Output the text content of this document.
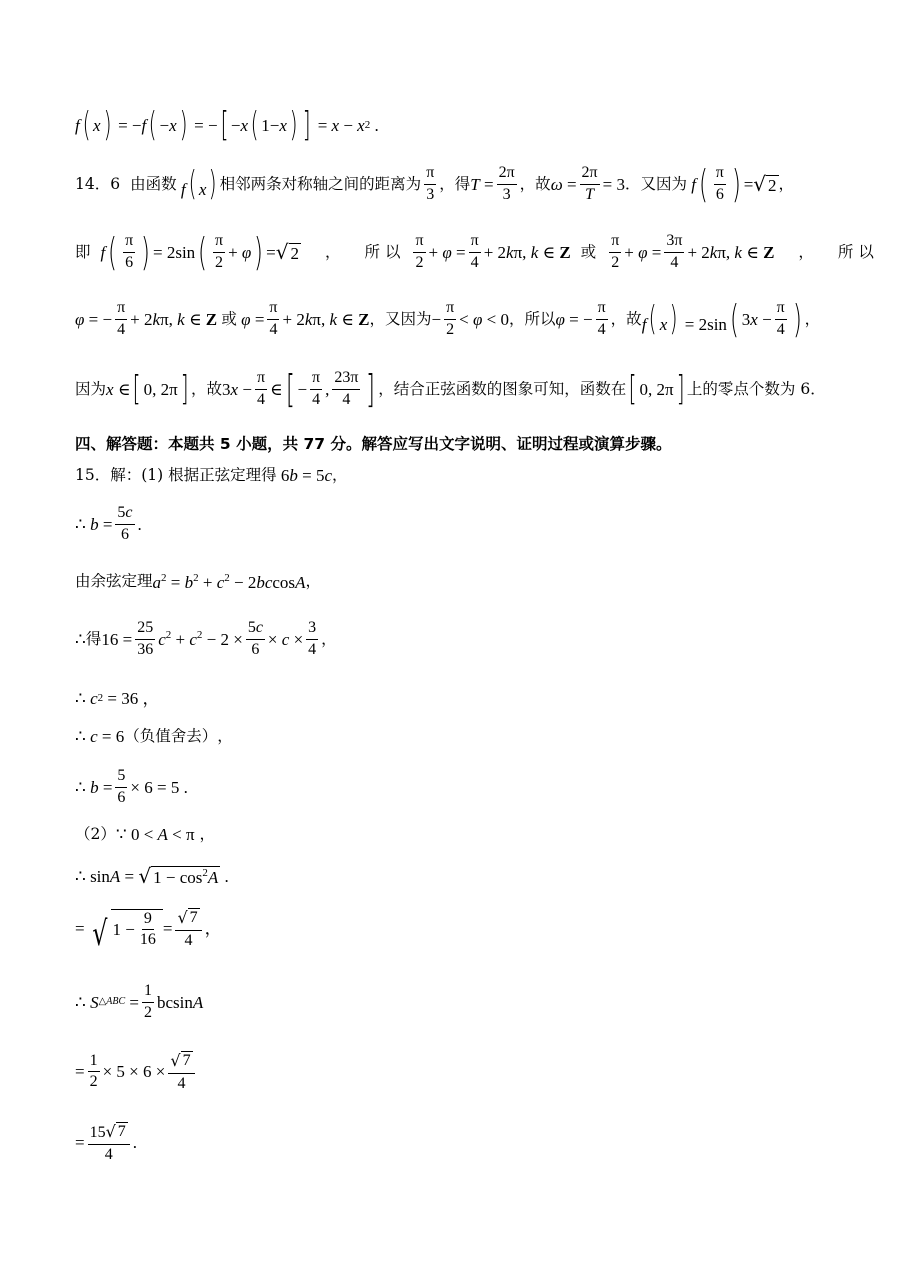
f ( x ) = − f ( − x ) = − [ − x ( 1− x ) ] = x − x 2 .
14．6 由函数 f( x) 相邻两条对称轴之间的距离为 $\frac{\pi}{3}$ ，得 $T = \frac{2\pi}{3}$ ，故 $\omega = \frac{2\pi}{T} = 3$ ．又因为 f ( $\frac{\pi}{6}$ ) = √ 2 ，
即 f ( $\frac{\pi}{6}$ ) = 2sin ( $\frac{\pi}{2} + \varphi$ ) = √ 2 ， 所 以 $\frac{\pi}{2} + \varphi = \frac{\pi}{4} + 2k\pi$, k ∈ Z 或 $\frac{\pi}{2} + \varphi = \frac{3\pi}{4} + 2k\pi$, k ∈ Z ， 所 以
φ = − $\frac{\pi}{4} + 2k\pi$, k ∈ Z 或 $\varphi = \frac{\pi}{4} + 2k\pi$, k ∈ Z ，又因为 − $\frac{\pi}{2} < \varphi < 0$ ，所以 φ = − $\frac{\pi}{4}$ ，故 f( x) = 2sin ( $3x - \frac{\pi}{4}$ ) ，
因为 x ∈ [ 0, 2π ] ，故 $3x - \frac{\pi}{4}$ ∈ [ − $\frac{\pi}{4}$ , $\frac{23\pi}{4}$ ] ，结合正弦函数的图象可知，函数在 [ 0, 2π ] 上的零点个数为 6．
四、解答题：本题共 5 小题，共 77 分。解答应写出文字说明、证明过程或演算步骤。
15．解：(1) 根据正弦定理得 6b = 5c ，
∴ $b = \frac{5c}{6}$ .
由余弦定理 $a^2 = b^2 + c^2 - 2bccosA$ ，
∴ 得 $16 = \frac{25}{36} c^2 + c^2 - 2 \times \frac{5c}{6} \times c \times \frac{3}{4}$ ，
∴ c 2 = 36 ，
∴ c = 6 （负值舍去） ，
∴ $b = \frac{5}{6} \times 6 = 5$ .
（2） ∵ 0 < A < π ，
∴ sin A = √ $1 - \cos^2A$ .
= √ $1 - \frac{9}{16} = \frac{√ 7}{4}$ ，
∴ S △ABC = $\frac{1}{2}$ bcsin A
= $\frac{1}{2} \times 5 \times 6 \times \frac{√ 7}{4}$
= $\frac{15 √ 7}{4}$ .
